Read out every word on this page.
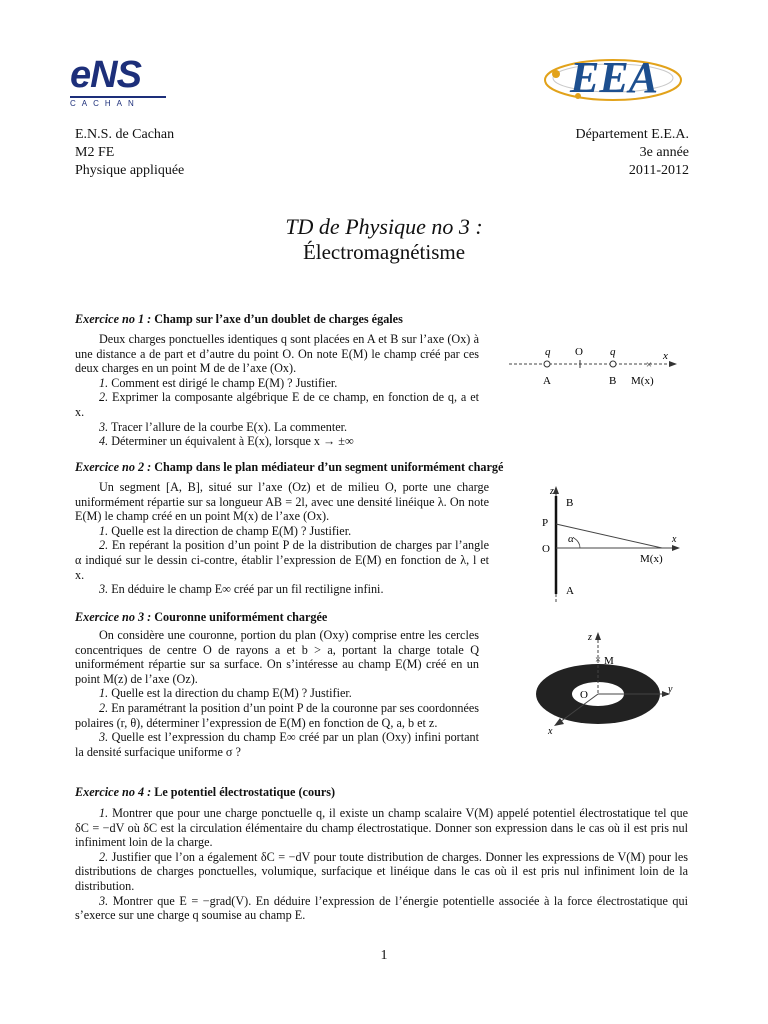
eNS
CACHAN
EEA
E.N.S. de Cachan
M2 FE
Physique appliquée
Département E.E.A.
3e année
2011-2012
TD de Physique no 3 :
Électromagnétisme
Exercice no 1 : Champ sur l’axe d’un doublet de charges égales

Deux charges ponctuelles identiques q sont placées en A et B sur l’axe (Ox) à une distance a de part et d’autre du point O. On note E(M) le champ créé par ces deux charges en un point M de de l’axe (Ox).

1. Comment est dirigé le champ E(M) ? Justifier.

2. Exprimer la composante algébrique E de ce champ, en fonction de q, a et x.

3. Tracer l’allure de la courbe E(x). La commenter.

4. Déterminer un équivalent à E(x), lorsque x → ±∞

×
q O q	x
A	B M(x)
Exercice no 2 : Champ dans le plan médiateur d’un segment uniformément chargé

Un segment [A, B], situé sur l’axe (Oz) et de milieu O, porte une charge uniformément répartie sur sa longueur AB = 2l, avec une densité linéique λ. On note E(M) le champ créé en un point M(x) de l’axe (Ox).

1. Quelle est la direction de champ E(M) ? Justifier.

2. En repérant la position d’un point P de la distribution de charges par l’angle α indiqué sur le dessin ci-contre, établir l’expression de E(M) en fonction de λ, l et x.

3. En déduire le champ E∞ créé par un fil rectiligne infini.

z
B
P
O
α	x
M(x)
A
Exercice no 3 : Couronne uniformément chargée

On considère une couronne, portion du plan (Oxy) comprise entre les cercles concentriques de centre O de rayons a et b > a, portant la charge totale Q uniformément répartie sur sa surface. On s’intéresse au champ E(M) créé en un point M(z) de l’axe (Oz).

1. Quelle est la direction du champ E(M) ? Justifier.

2. En paramétrant la position d’un point P de la couronne par ses coordonnées polaires (r, θ), déterminer l’expression de E(M) en fonction de Q, a, b et z.

3. Quelle est l’expression du champ E∞ créé par un plan (Oxy) infini portant la densité surfacique uniforme σ ?

×
z
M
O	y
x
Exercice no 4 : Le potentiel électrostatique (cours)

1. Montrer que pour une charge ponctuelle q, il existe un champ scalaire V(M) appelé potentiel électrostatique tel que δC = −dV où δC est la circulation élémentaire du champ électrostatique. Donner son expression dans le cas où il est pris nul infiniment loin de la charge.

2. Justifier que l’on a également δC = −dV pour toute distribution de charges. Donner les expressions de V(M) pour les distributions de charges ponctuelles, volumique, surfacique et linéique dans le cas où il est pris nul infiniment loin de la distribution.

3. Montrer que E = −grad(V). En déduire l’expression de l’énergie potentielle associée à la force électrostatique qui s’exerce sur une charge q soumise au champ E.

1
